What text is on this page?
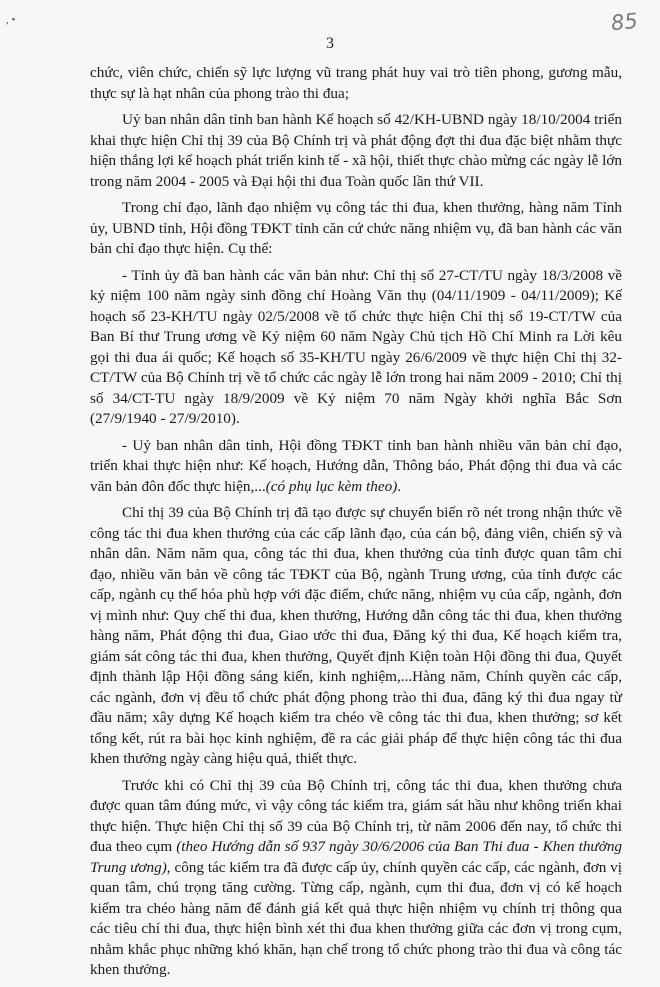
, •	85
3

chức, viên chức, chiến sỹ lực lượng vũ trang phát huy vai trò tiên phong, gương mẫu, thực sự là hạt nhân của phong trào thi đua;

Uỷ ban nhân dân tỉnh ban hành Kế hoạch số 42/KH-UBND ngày 18/10/2004 triển khai thực hiện Chỉ thị 39 của Bộ Chính trị và phát động đợt thi đua đặc biệt nhằm thực hiện thắng lợi kế hoạch phát triển kinh tế - xã hội, thiết thực chào mừng các ngày lễ lớn trong năm 2004 - 2005 và Đại hội thi đua Toàn quốc lần thứ VII.

Trong chỉ đạo, lãnh đạo nhiệm vụ công tác thi đua, khen thưởng, hàng năm Tỉnh ủy, UBND tỉnh, Hội đồng TĐKT tỉnh căn cứ chức năng nhiệm vụ, đã ban hành các văn bản chỉ đạo thực hiện. Cụ thể:

- Tỉnh ủy đã ban hành các văn bản như: Chỉ thị số 27-CT/TU ngày 18/3/2008 về kỷ niệm 100 năm ngày sinh đồng chí Hoàng Văn thụ (04/11/1909 - 04/11/2009); Kế hoạch số 23-KH/TU ngày 02/5/2008 về tổ chức thực hiện Chỉ thị số 19-CT/TW của Ban Bí thư Trung ương về Kỷ niệm 60 năm Ngày Chủ tịch Hồ Chí Minh ra Lời kêu gọi thi đua ái quốc; Kế hoạch số 35-KH/TU ngày 26/6/2009 về thực hiện Chỉ thị 32-CT/TW của Bộ Chính trị về tổ chức các ngày lễ lớn trong hai năm 2009 - 2010; Chỉ thị số 34/CT-TU ngày 18/9/2009 về Kỷ niệm 70 năm Ngày khởi nghĩa Bắc Sơn (27/9/1940 - 27/9/2010).

- Uỷ ban nhân dân tỉnh, Hội đồng TĐKT tỉnh ban hành nhiều văn bản chỉ đạo, triển khai thực hiện như: Kế hoạch, Hướng dẫn, Thông báo, Phát động thi đua và các văn bản đôn đốc thực hiện,...(có phụ lục kèm theo).

Chỉ thị 39 của Bộ Chính trị đã tạo được sự chuyển biến rõ nét trong nhận thức về công tác thi đua khen thưởng của các cấp lãnh đạo, của cán bộ, đảng viên, chiến sỹ và nhân dân. Năm năm qua, công tác thi đua, khen thưởng của tỉnh được quan tâm chỉ đạo, nhiều văn bản về công tác TĐKT của Bộ, ngành Trung ương, của tỉnh được các cấp, ngành cụ thể hóa phù hợp với đặc điểm, chức năng, nhiệm vụ của cấp, ngành, đơn vị mình như: Quy chế thi đua, khen thưởng, Hướng dẫn công tác thi đua, khen thưởng hàng năm, Phát động thi đua, Giao ước thi đua, Đăng ký thi đua, Kế hoạch kiểm tra, giám sát công tác thi đua, khen thưởng, Quyết định Kiện toàn Hội đồng thi đua, Quyết định thành lập Hội đồng sáng kiến, kinh nghiệm,...Hàng năm, Chính quyền các cấp, các ngành, đơn vị đều tổ chức phát động phong trào thi đua, đăng ký thi đua ngay từ đầu năm; xây dựng Kế hoạch kiểm tra chéo về công tác thi đua, khen thưởng; sơ kết tổng kết, rút ra bài học kinh nghiệm, đề ra các giải pháp để thực hiện công tác thi đua khen thưởng ngày càng hiệu quả, thiết thực.

Trước khi có Chỉ thị 39 của Bộ Chính trị, công tác thi đua, khen thưởng chưa được quan tâm đúng mức, vì vậy công tác kiểm tra, giám sát hầu như không triển khai thực hiện. Thực hiện Chỉ thị số 39 của Bộ Chính trị, từ năm 2006 đến nay, tổ chức thi đua theo cụm (theo Hướng dẫn số 937 ngày 30/6/2006 của Ban Thi đua - Khen thưởng Trung ương), công tác kiểm tra đã được cấp ủy, chính quyền các cấp, các ngành, đơn vị quan tâm, chú trọng tăng cường. Từng cấp, ngành, cụm thi đua, đơn vị có kế hoạch kiểm tra chéo hàng năm để đánh giá kết quả thực hiện nhiệm vụ chính trị thông qua các tiêu chí thi đua, thực hiện bình xét thi đua khen thưởng giữa các đơn vị trong cụm, nhằm khắc phục những khó khăn, hạn chế trong tổ chức phong trào thi đua và công tác khen thưởng.
